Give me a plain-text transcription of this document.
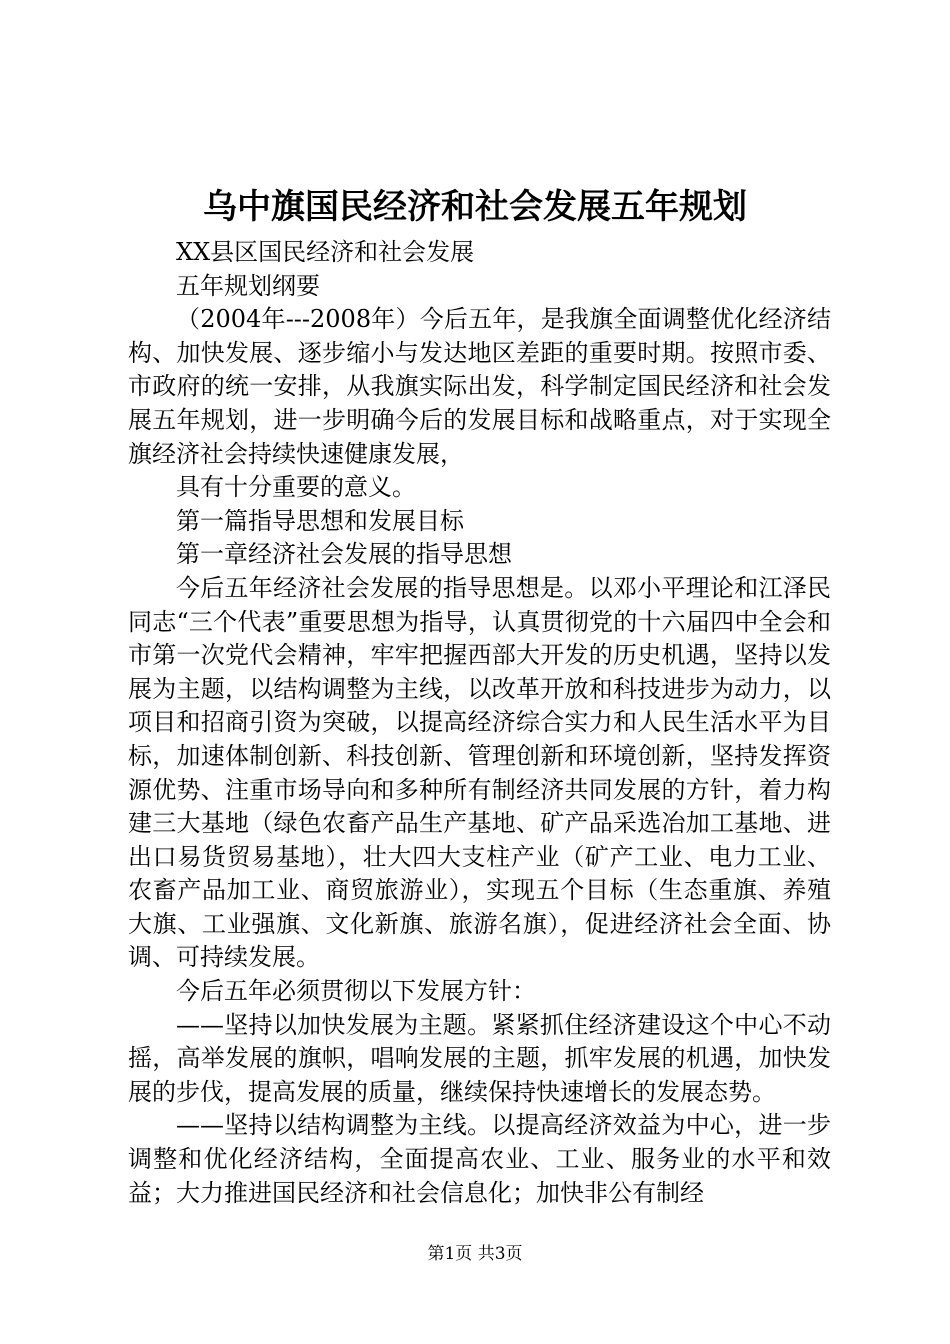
乌中旗国民经济和社会发展五年规划

XX县区国民经济和社会发展

五年规划纲要

（2004年---2008年）今后五年，是我旗全面调整优化经济结构、加快发展、逐步缩小与发达地区差距的重要时期。按照市委、市政府的统一安排，从我旗实际出发，科学制定国民经济和社会发展五年规划，进一步明确今后的发展目标和战略重点，对于实现全旗经济社会持续快速健康发展，

具有十分重要的意义。

第一篇指导思想和发展目标

第一章经济社会发展的指导思想

今后五年经济社会发展的指导思想是。以邓小平理论和江泽民同志“三个代表”重要思想为指导，认真贯彻党的十六届四中全会和市第一次党代会精神，牢牢把握西部大开发的历史机遇，坚持以发展为主题，以结构调整为主线，以改革开放和科技进步为动力，以项目和招商引资为突破，以提高经济综合实力和人民生活水平为目标，加速体制创新、科技创新、管理创新和环境创新，坚持发挥资源优势、注重市场导向和多种所有制经济共同发展的方针，着力构建三大基地（绿色农畜产品生产基地、矿产品采选冶加工基地、进出口易货贸易基地），壮大四大支柱产业（矿产工业、电力工业、农畜产品加工业、商贸旅游业），实现五个目标（生态重旗、养殖大旗、工业强旗、文化新旗、旅游名旗），促进经济社会全面、协调、可持续发展。

今后五年必须贯彻以下发展方针：

——坚持以加快发展为主题。紧紧抓住经济建设这个中心不动摇，高举发展的旗帜，唱响发展的主题，抓牢发展的机遇，加快发展的步伐，提高发展的质量，继续保持快速增长的发展态势。

——坚持以结构调整为主线。以提高经济效益为中心，进一步调整和优化经济结构，全面提高农业、工业、服务业的水平和效益；大力推进国民经济和社会信息化；加快非公有制经

第1页 共3页
